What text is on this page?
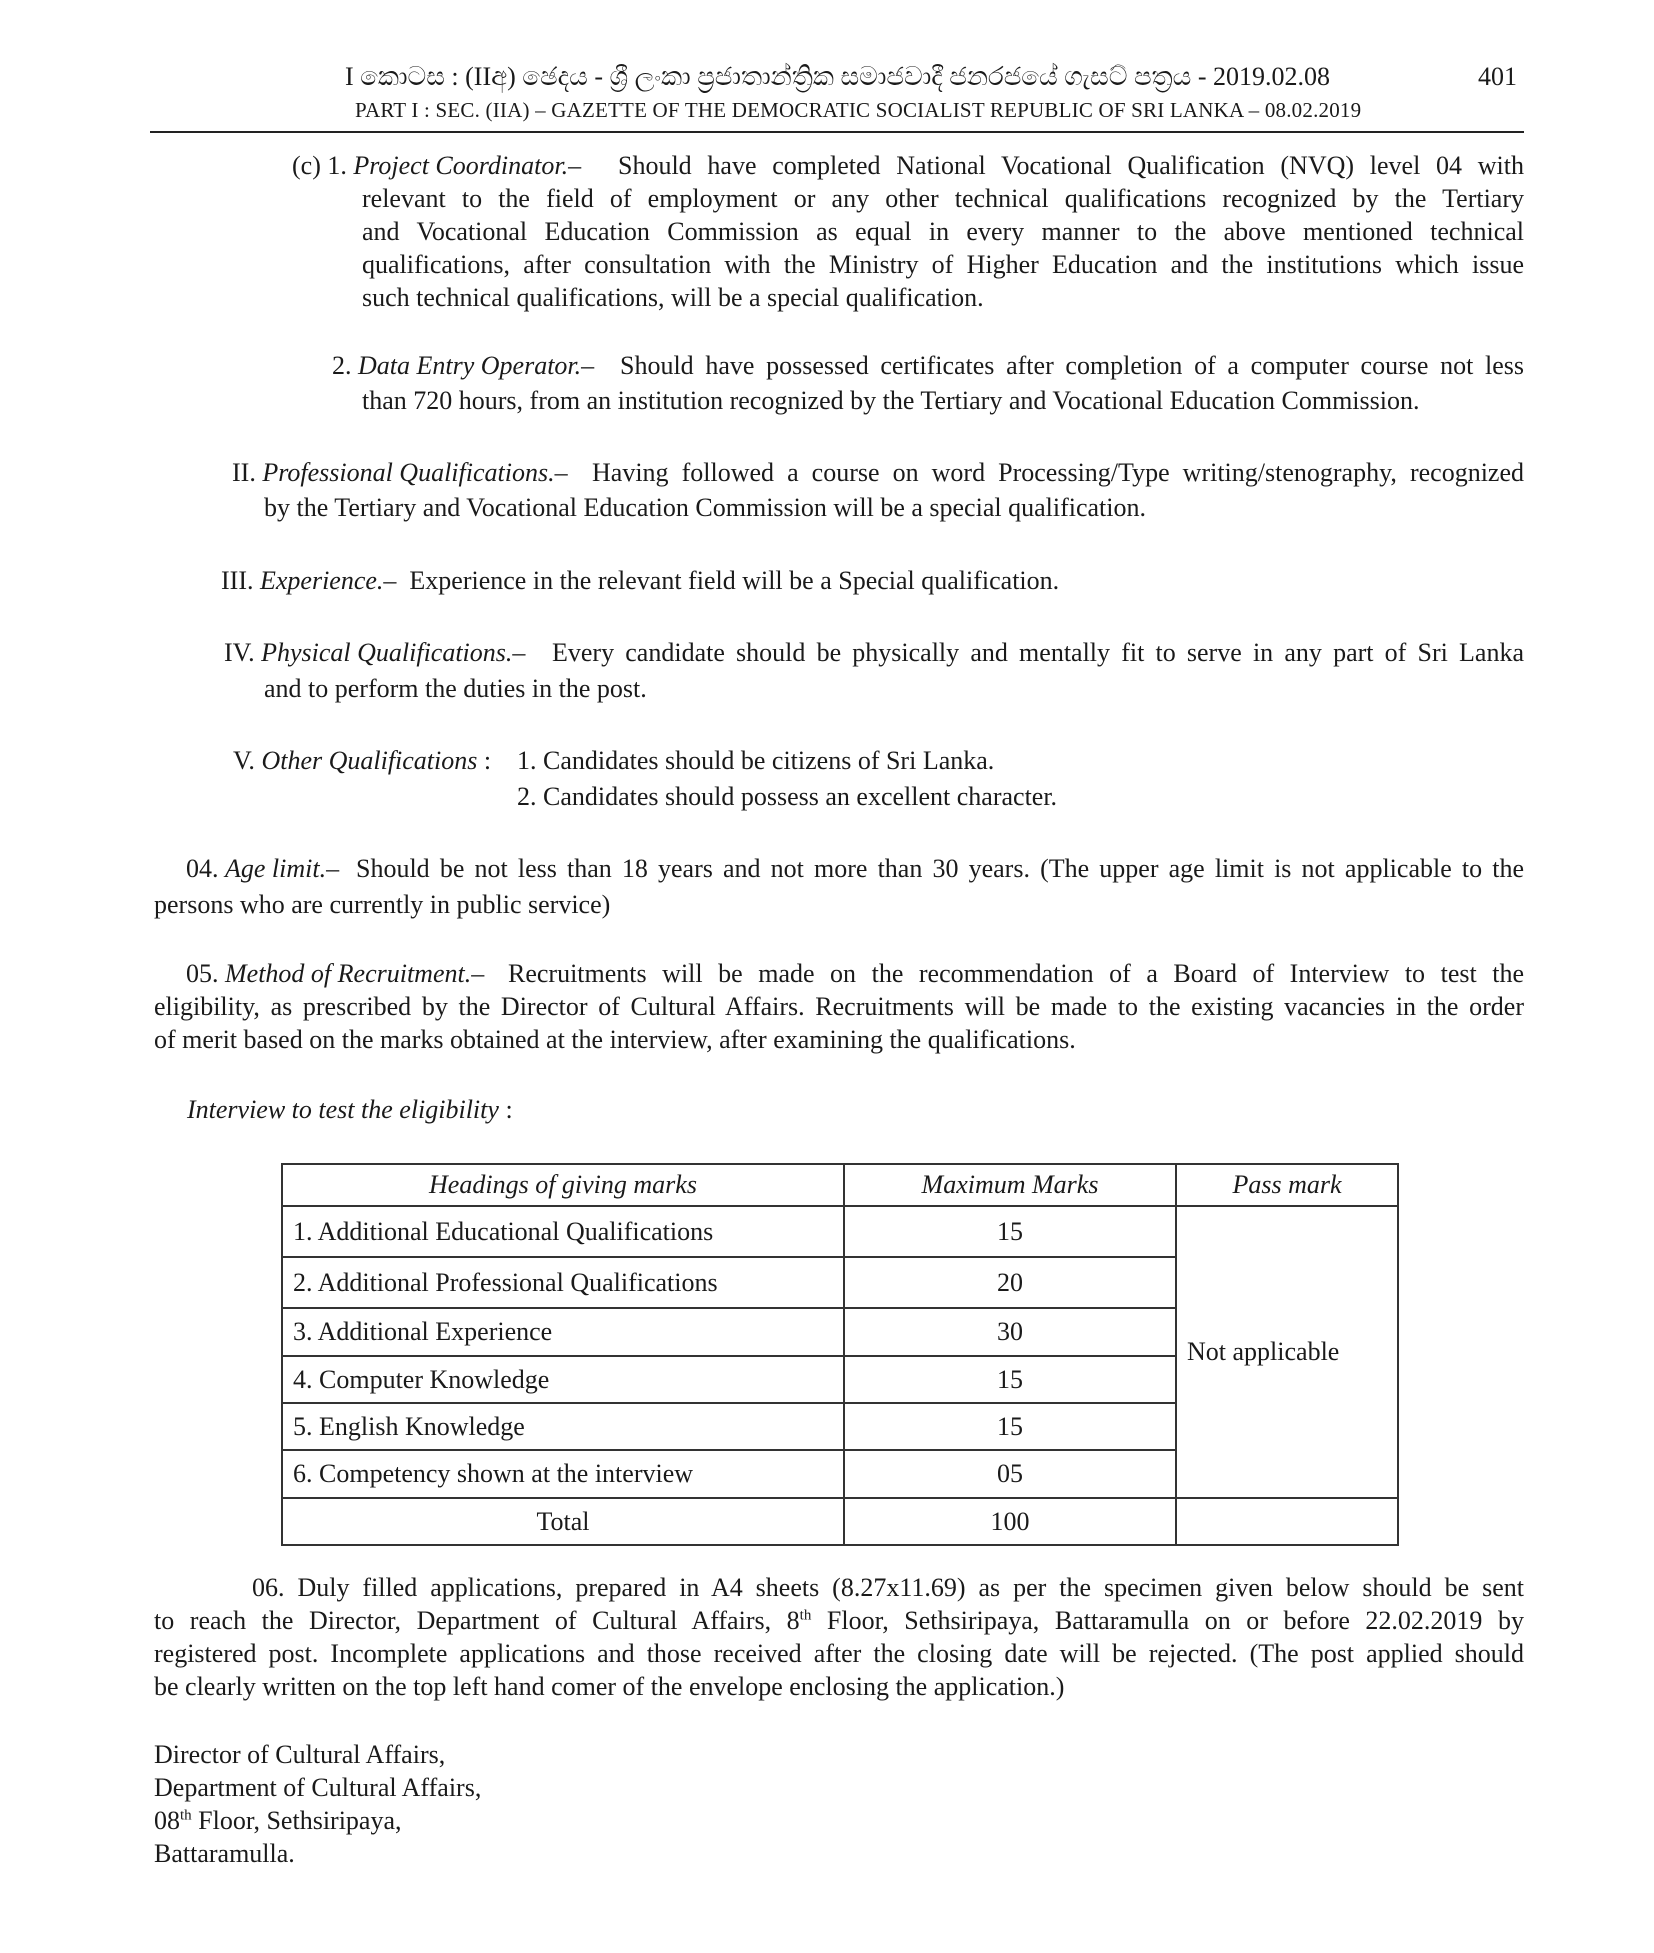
I කොටස : (IIඅ) ඡෙදය - ශ්‍රී ලංකා ප්‍රජාතාන්ත්‍රික සමාජවාදී ජනරජයේ ගැසට් පත්‍රය - 2019.02.08	401
PART I : SEC. (IIA) – GAZETTE OF THE DEMOCRATIC SOCIALIST REPUBLIC OF SRI LANKA – 08.02.2019
(c) 1. Project Coordinator.– Should have completed National Vocational Qualification (NVQ) level 04 with
relevant to the field of employment or any other technical qualifications recognized by the Tertiary
and Vocational Education Commission as equal in every manner to the above mentioned technical
qualifications, after consultation with the Ministry of Higher Education and the institutions which issue
such technical qualifications, will be a special qualification.
2. Data Entry Operator.– Should have possessed certificates after completion of a computer course not less
than 720 hours, from an institution recognized by the Tertiary and Vocational Education Commission.
II. Professional Qualifications.– Having followed a course on word Processing/Type writing/stenography, recognized
by the Tertiary and Vocational Education Commission will be a special qualification.
III. Experience.– Experience in the relevant field will be a Special qualification.
IV. Physical Qualifications.– Every candidate should be physically and mentally fit to serve in any part of Sri Lanka
and to perform the duties in the post.
V. Other Qualifications : 1. Candidates should be citizens of Sri Lanka.
2. Candidates should possess an excellent character.
04. Age limit.– Should be not less than 18 years and not more than 30 years. (The upper age limit is not applicable to the
persons who are currently in public service)
05. Method of Recruitment.– Recruitments will be made on the recommendation of a Board of Interview to test the
eligibility, as prescribed by the Director of Cultural Affairs. Recruitments will be made to the existing vacancies in the order
of merit based on the marks obtained at the interview, after examining the qualifications.
Interview to test the eligibility :
Headings of giving marks	Maximum Marks	Pass mark
1. Additional Educational Qualifications	15	Not applicable
2. Additional Professional Qualifications	20	
3. Additional Experience	30	
4. Computer Knowledge	15	
5. English Knowledge	15	
6. Competency shown at the interview	05	
Total	100	
06. Duly filled applications, prepared in A4 sheets (8.27x11.69) as per the specimen given below should be sent
to reach the Director, Department of Cultural Affairs, 8th Floor, Sethsiripaya, Battaramulla on or before 22.02.2019 by
registered post. Incomplete applications and those received after the closing date will be rejected. (The post applied should
be clearly written on the top left hand comer of the envelope enclosing the application.)
Director of Cultural Affairs,
Department of Cultural Affairs,
08th Floor, Sethsiripaya,
Battaramulla.
